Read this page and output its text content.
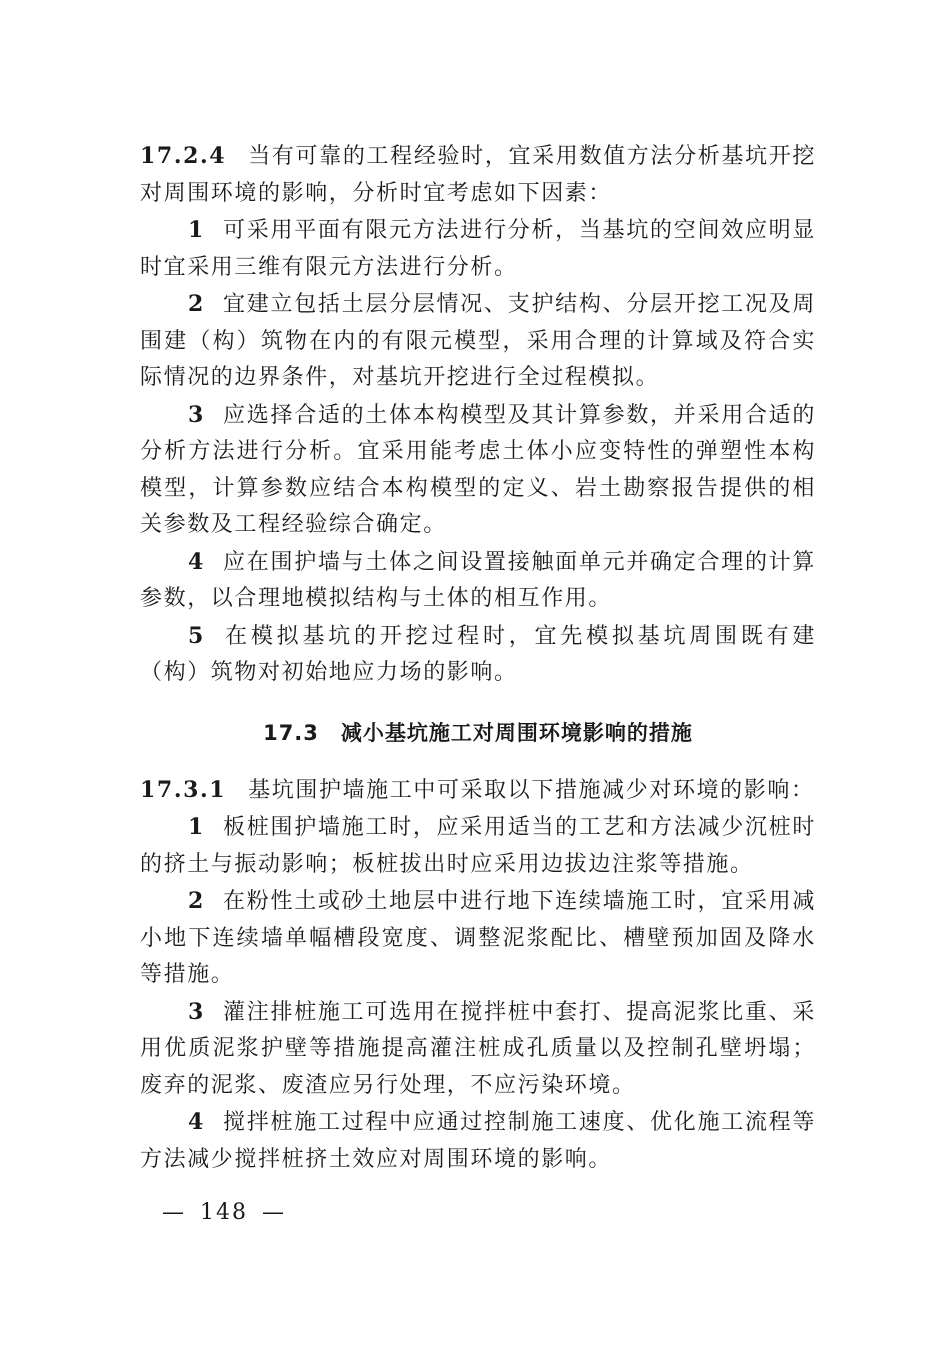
17.2.4 当有可靠的工程经验时，宜采用数值方法分析基坑开挖对周围环境的影响，分析时宜考虑如下因素：

1 可采用平面有限元方法进行分析，当基坑的空间效应明显时宜采用三维有限元方法进行分析。

2 宜建立包括土层分层情况、支护结构、分层开挖工况及周围建（构）筑物在内的有限元模型，采用合理的计算域及符合实际情况的边界条件，对基坑开挖进行全过程模拟。

3 应选择合适的土体本构模型及其计算参数，并采用合适的分析方法进行分析。宜采用能考虑土体小应变特性的弹塑性本构模型，计算参数应结合本构模型的定义、岩土勘察报告提供的相关参数及工程经验综合确定。

4 应在围护墙与土体之间设置接触面单元并确定合理的计算参数，以合理地模拟结构与土体的相互作用。

5 在模拟基坑的开挖过程时，宜先模拟基坑周围既有建（构）筑物对初始地应力场的影响。

17.3 减小基坑施工对周围环境影响的措施

17.3.1 基坑围护墙施工中可采取以下措施减少对环境的影响：

1 板桩围护墙施工时，应采用适当的工艺和方法减少沉桩时的挤土与振动影响；板桩拔出时应采用边拔边注浆等措施。

2 在粉性土或砂土地层中进行地下连续墙施工时，宜采用减小地下连续墙单幅槽段宽度、调整泥浆配比、槽壁预加固及降水等措施。

3 灌注排桩施工可选用在搅拌桩中套打、提高泥浆比重、采用优质泥浆护壁等措施提高灌注桩成孔质量以及控制孔壁坍塌；废弃的泥浆、废渣应另行处理，不应污染环境。

4 搅拌桩施工过程中应通过控制施工速度、优化施工流程等方法减少搅拌桩挤土效应对周围环境的影响。

— 148 —
